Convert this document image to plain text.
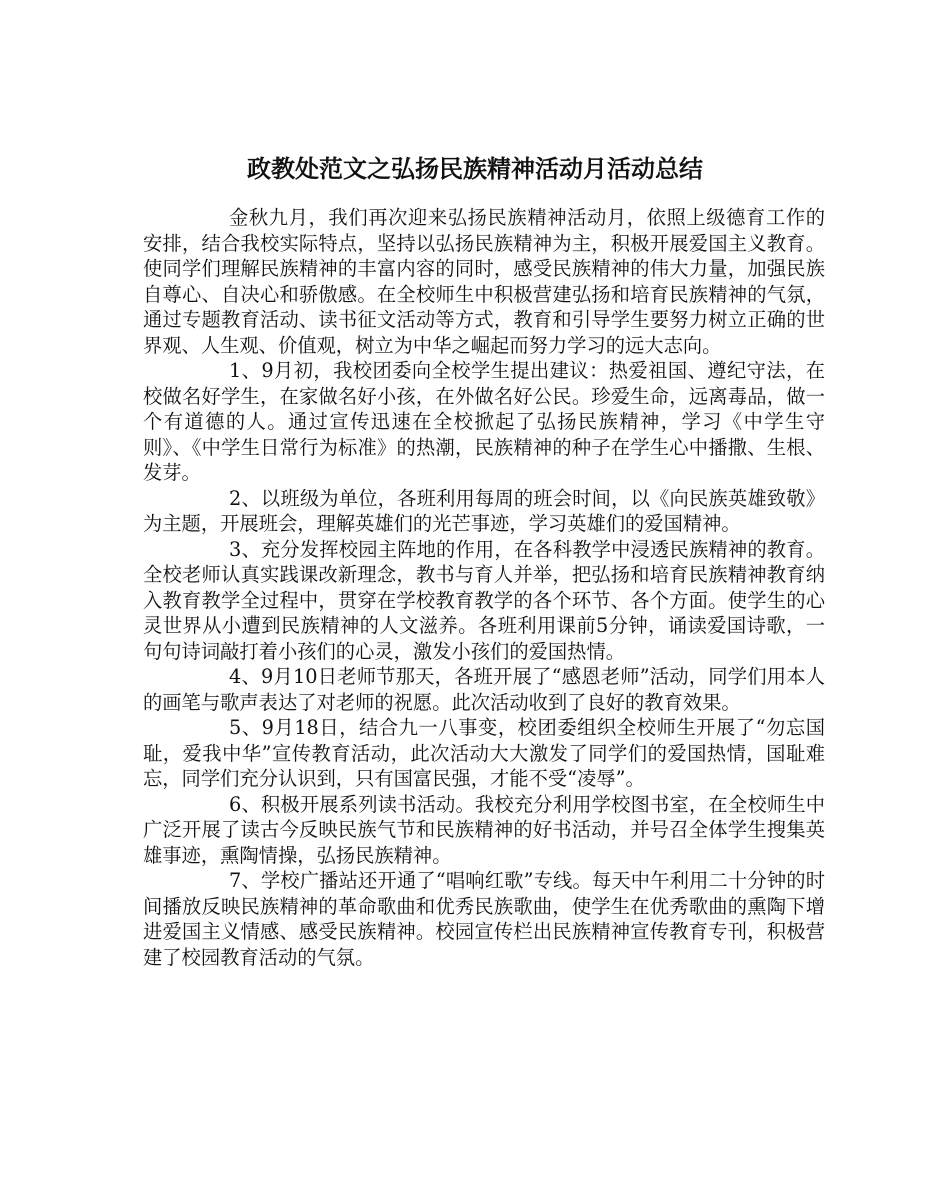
政教处范文之弘扬民族精神活动月活动总结

金秋九月，我们再次迎来弘扬民族精神活动月，依照上级德育工作的安排，结合我校实际特点，坚持以弘扬民族精神为主，积极开展爱国主义教育。使同学们理解民族精神的丰富内容的同时，感受民族精神的伟大力量，加强民族自尊心、自决心和骄傲感。在全校师生中积极营建弘扬和培育民族精神的气氛，通过专题教育活动、读书征文活动等方式，教育和引导学生要努力树立正确的世界观、人生观、价值观，树立为中华之崛起而努力学习的远大志向。

1、9月初，我校团委向全校学生提出建议：热爱祖国、遵纪守法，在校做名好学生，在家做名好小孩，在外做名好公民。珍爱生命，远离毒品，做一个有道德的人。通过宣传迅速在全校掀起了弘扬民族精神，学习《中学生守则》、《中学生日常行为标准》的热潮，民族精神的种子在学生心中播撒、生根、发芽。

2、以班级为单位，各班利用每周的班会时间，以《向民族英雄致敬》为主题，开展班会，理解英雄们的光芒事迹，学习英雄们的爱国精神。

3、充分发挥校园主阵地的作用，在各科教学中浸透民族精神的教育。全校老师认真实践课改新理念，教书与育人并举，把弘扬和培育民族精神教育纳入教育教学全过程中，贯穿在学校教育教学的各个环节、各个方面。使学生的心灵世界从小遭到民族精神的人文滋养。各班利用课前5分钟，诵读爱国诗歌，一句句诗词敲打着小孩们的心灵，激发小孩们的爱国热情。

4、9月10日老师节那天，各班开展了“感恩老师”活动，同学们用本人的画笔与歌声表达了对老师的祝愿。此次活动收到了良好的教育效果。

5、9月18日，结合九一八事变，校团委组织全校师生开展了“勿忘国耻，爱我中华”宣传教育活动，此次活动大大激发了同学们的爱国热情，国耻难忘，同学们充分认识到，只有国富民强，才能不受“凌辱”。

6、积极开展系列读书活动。我校充分利用学校图书室，在全校师生中广泛开展了读古今反映民族气节和民族精神的好书活动，并号召全体学生搜集英雄事迹，熏陶情操，弘扬民族精神。

7、学校广播站还开通了“唱响红歌”专线。每天中午利用二十分钟的时间播放反映民族精神的革命歌曲和优秀民族歌曲，使学生在优秀歌曲的熏陶下增进爱国主义情感、感受民族精神。校园宣传栏出民族精神宣传教育专刊，积极营建了校园教育活动的气氛。
